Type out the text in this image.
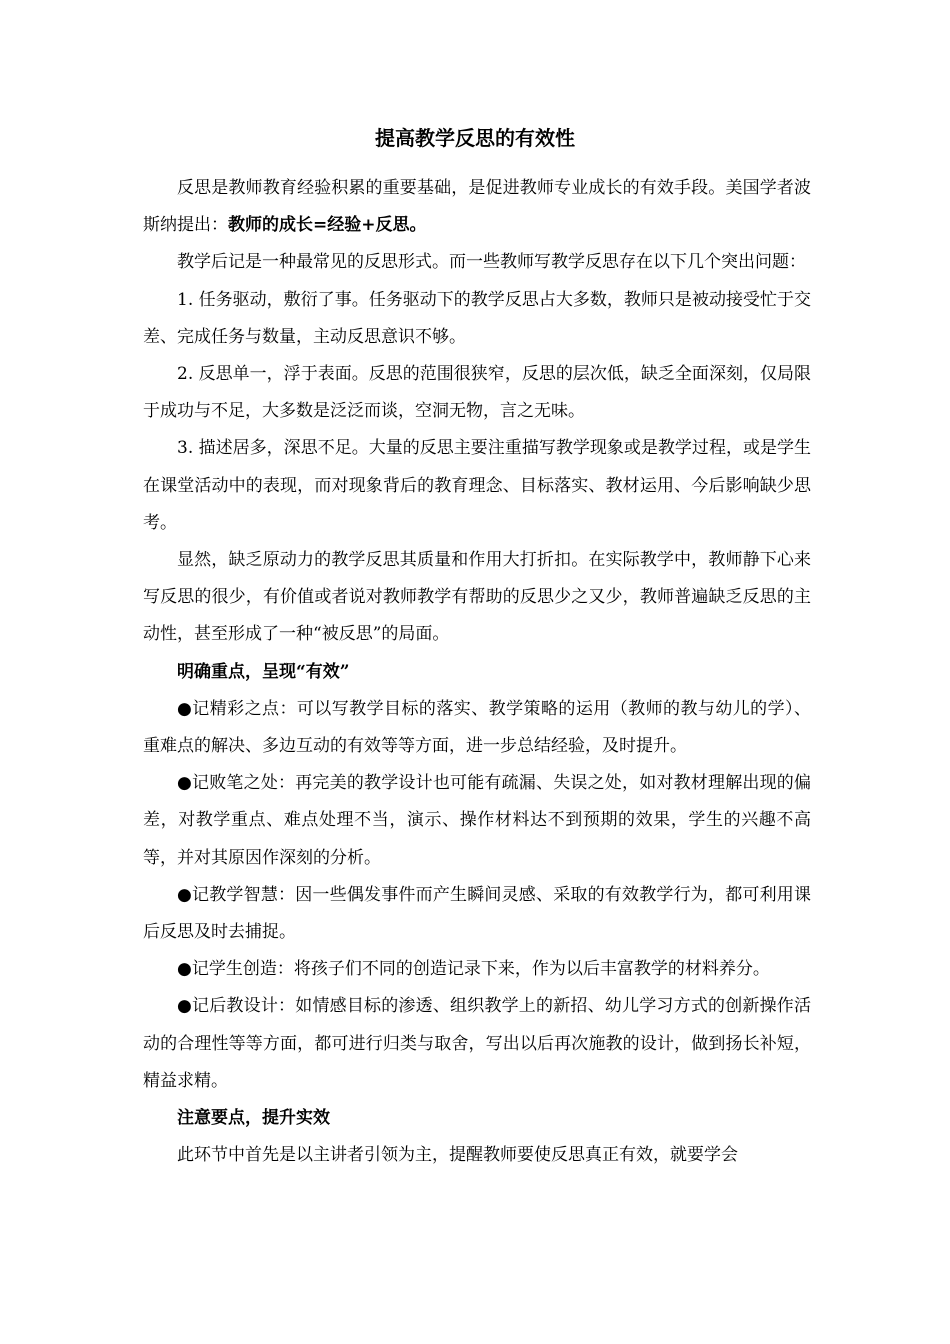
提高教学反思的有效性

反思是教师教育经验积累的重要基础，是促进教师专业成长的有效手段。美国学者波斯纳提出：教师的成长=经验+反思。

教学后记是一种最常见的反思形式。而一些教师写教学反思存在以下几个突出问题：

1. 任务驱动，敷衍了事。任务驱动下的教学反思占大多数，教师只是被动接受忙于交差、完成任务与数量，主动反思意识不够。

2. 反思单一，浮于表面。反思的范围很狭窄，反思的层次低，缺乏全面深刻，仅局限于成功与不足，大多数是泛泛而谈，空洞无物，言之无味。

3. 描述居多，深思不足。大量的反思主要注重描写教学现象或是教学过程，或是学生在课堂活动中的表现，而对现象背后的教育理念、目标落实、教材运用、今后影响缺少思考。

显然，缺乏原动力的教学反思其质量和作用大打折扣。在实际教学中，教师静下心来写反思的很少，有价值或者说对教师教学有帮助的反思少之又少，教师普遍缺乏反思的主动性，甚至形成了一种“被反思”的局面。

明确重点，呈现“有效”

●记精彩之点：可以写教学目标的落实、教学策略的运用（教师的教与幼儿的学）、重难点的解决、多边互动的有效等等方面，进一步总结经验，及时提升。

●记败笔之处：再完美的教学设计也可能有疏漏、失误之处，如对教材理解出现的偏差，对教学重点、难点处理不当，演示、操作材料达不到预期的效果，学生的兴趣不高等，并对其原因作深刻的分析。

●记教学智慧：因一些偶发事件而产生瞬间灵感、采取的有效教学行为，都可利用课后反思及时去捕捉。

●记学生创造：将孩子们不同的创造记录下来，作为以后丰富教学的材料养分。

●记后教设计：如情感目标的渗透、组织教学上的新招、幼儿学习方式的创新操作活动的合理性等等方面，都可进行归类与取舍，写出以后再次施教的设计，做到扬长补短，精益求精。

注意要点，提升实效

此环节中首先是以主讲者引领为主，提醒教师要使反思真正有效，就要学会
